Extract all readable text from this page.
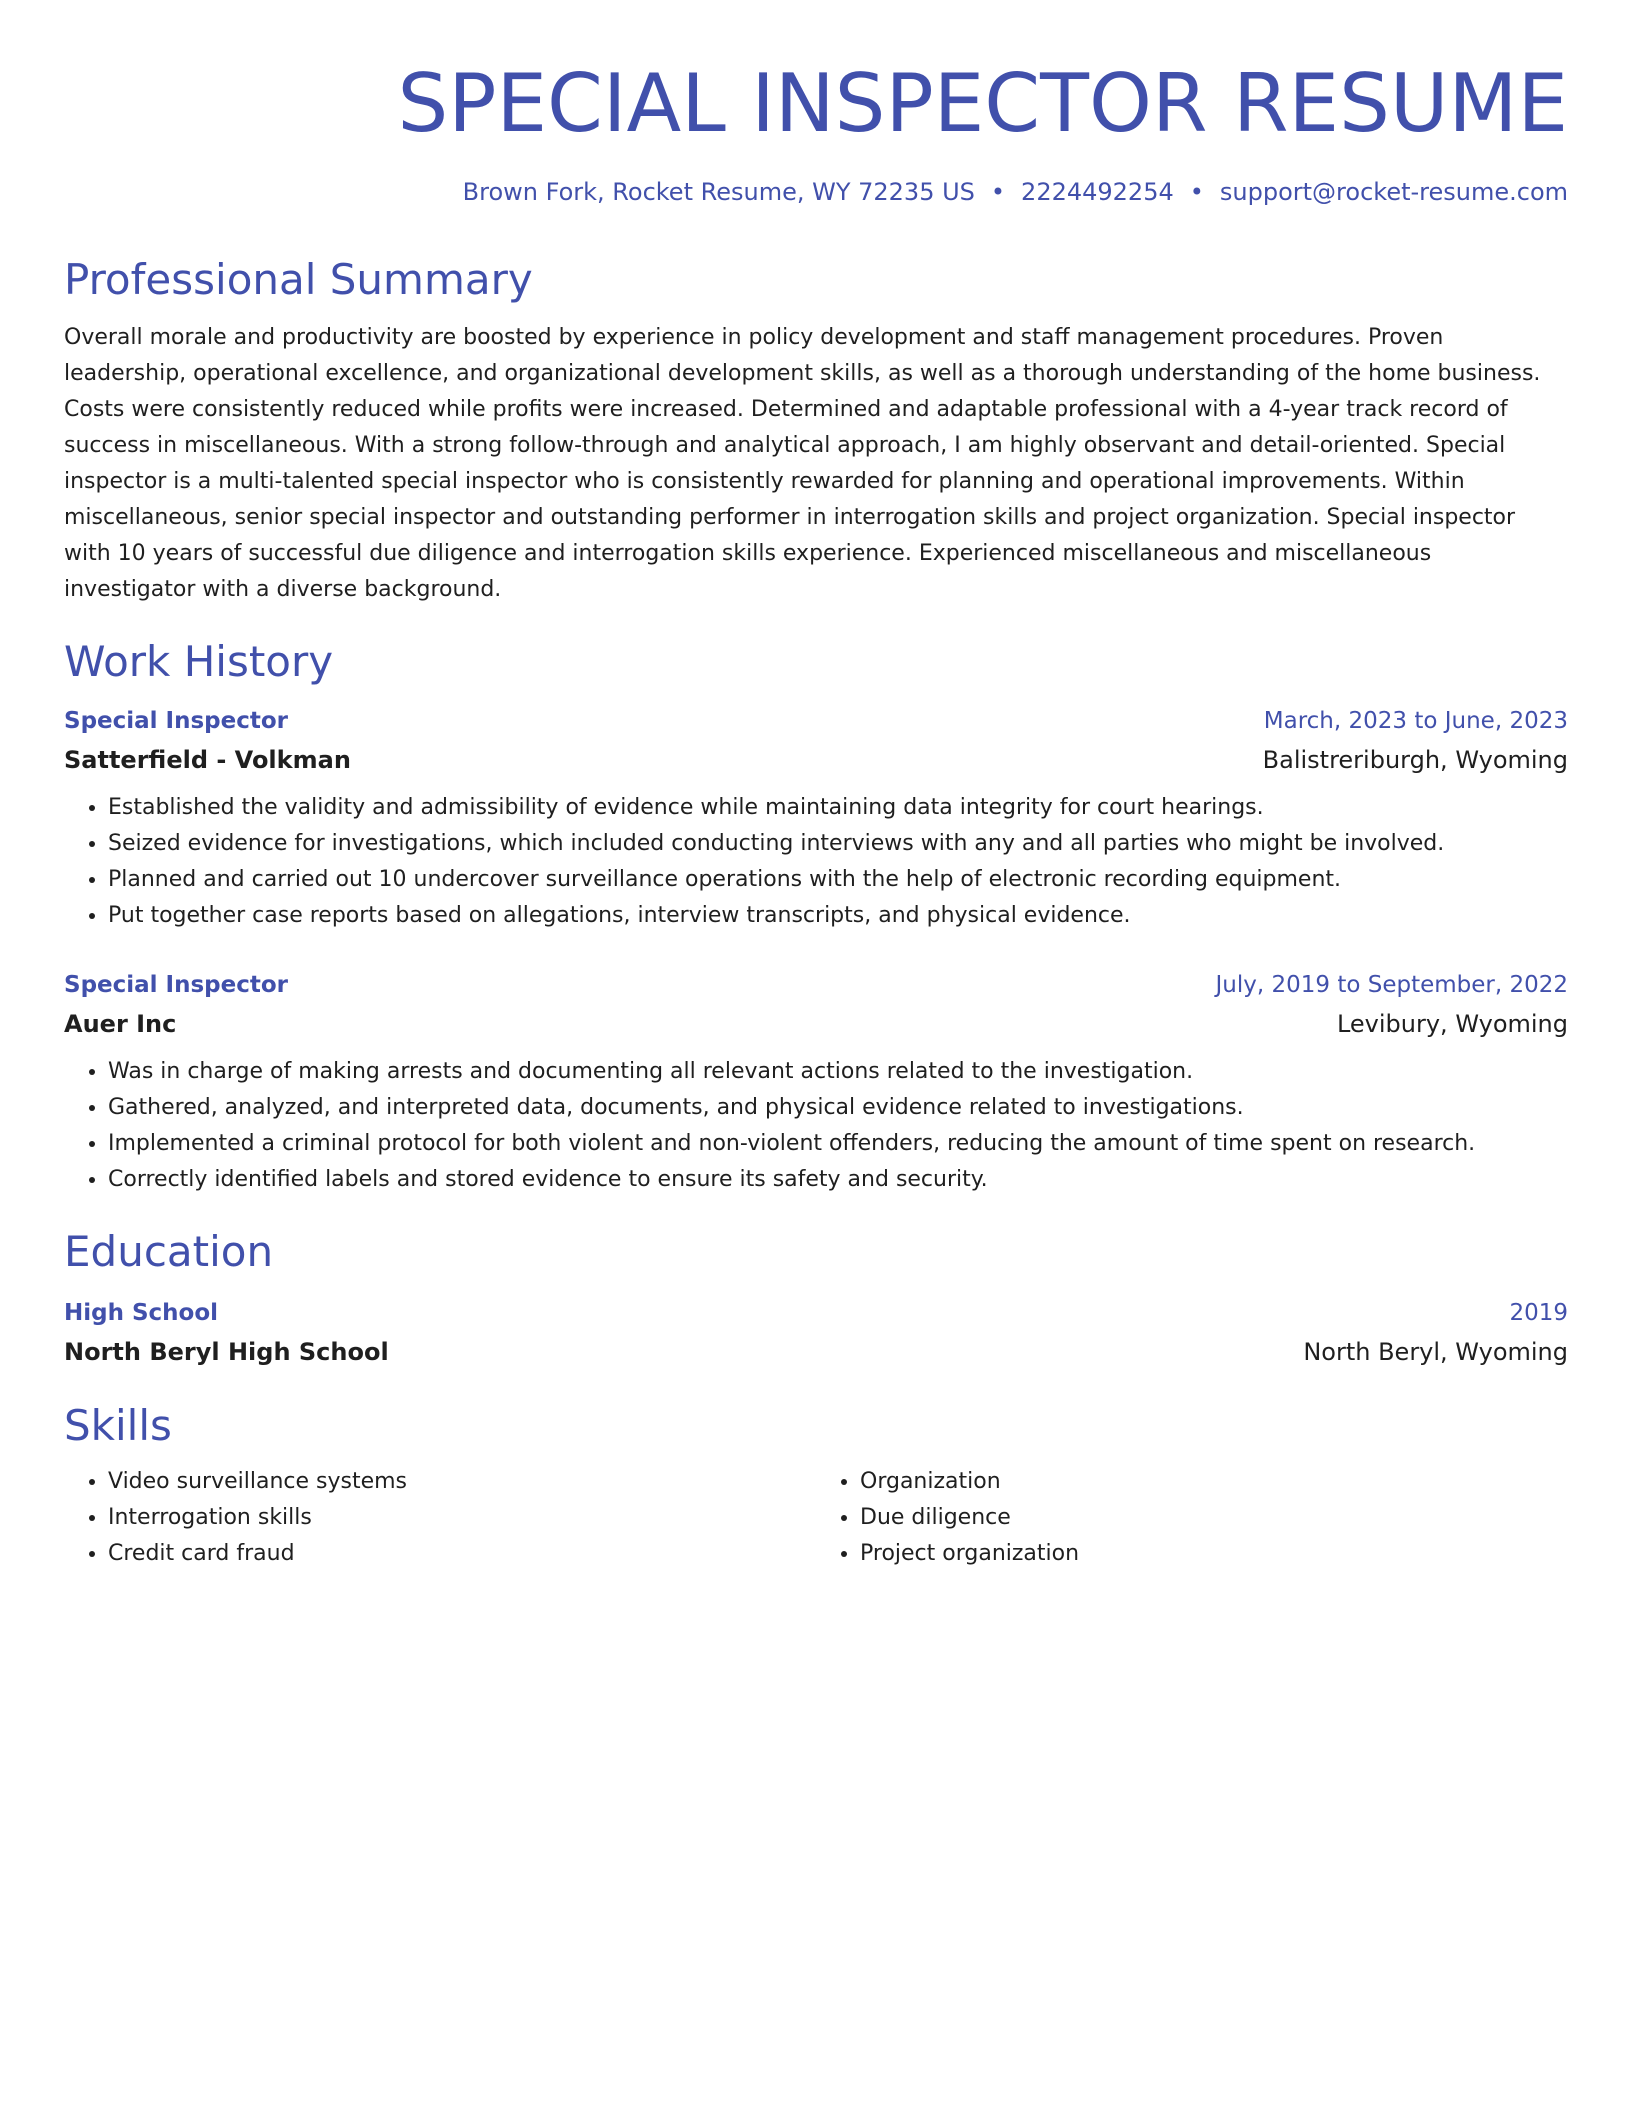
SPECIAL INSPECTOR RESUME
Brown Fork, Rocket Resume, WY 72235 US • 2224492254 • support@rocket-resume.com
Professional Summary

Overall morale and productivity are boosted by experience in policy development and staff management procedures. Proven leadership, operational excellence, and organizational development skills, as well as a thorough understanding of the home business. Costs were consistently reduced while profits were increased. Determined and adaptable professional with a 4-year track record of success in miscellaneous. With a strong follow-through and analytical approach, I am highly observant and detail-oriented. Special inspector is a multi-talented special inspector who is consistently rewarded for planning and operational improvements. Within miscellaneous, senior special inspector and outstanding performer in interrogation skills and project organization. Special inspector with 10 years of successful due diligence and interrogation skills experience. Experienced miscellaneous and miscellaneous investigator with a diverse background.

Work History
Special Inspector	March, 2023 to June, 2023
Satterfield - Volkman	Balistreriburgh, Wyoming
• Established the validity and admissibility of evidence while maintaining data integrity for court hearings.
• Seized evidence for investigations, which included conducting interviews with any and all parties who might be involved.
• Planned and carried out 10 undercover surveillance operations with the help of electronic recording equipment.
• Put together case reports based on allegations, interview transcripts, and physical evidence.
Special Inspector	July, 2019 to September, 2022
Auer Inc	Levibury, Wyoming
• Was in charge of making arrests and documenting all relevant actions related to the investigation.
• Gathered, analyzed, and interpreted data, documents, and physical evidence related to investigations.
• Implemented a criminal protocol for both violent and non-violent offenders, reducing the amount of time spent on research.
• Correctly identified labels and stored evidence to ensure its safety and security.
Education
High School	2019
North Beryl High School	North Beryl, Wyoming
Skills
• Video surveillance systems
• Interrogation skills
• Credit card fraud
• Organization
• Due diligence
• Project organization
